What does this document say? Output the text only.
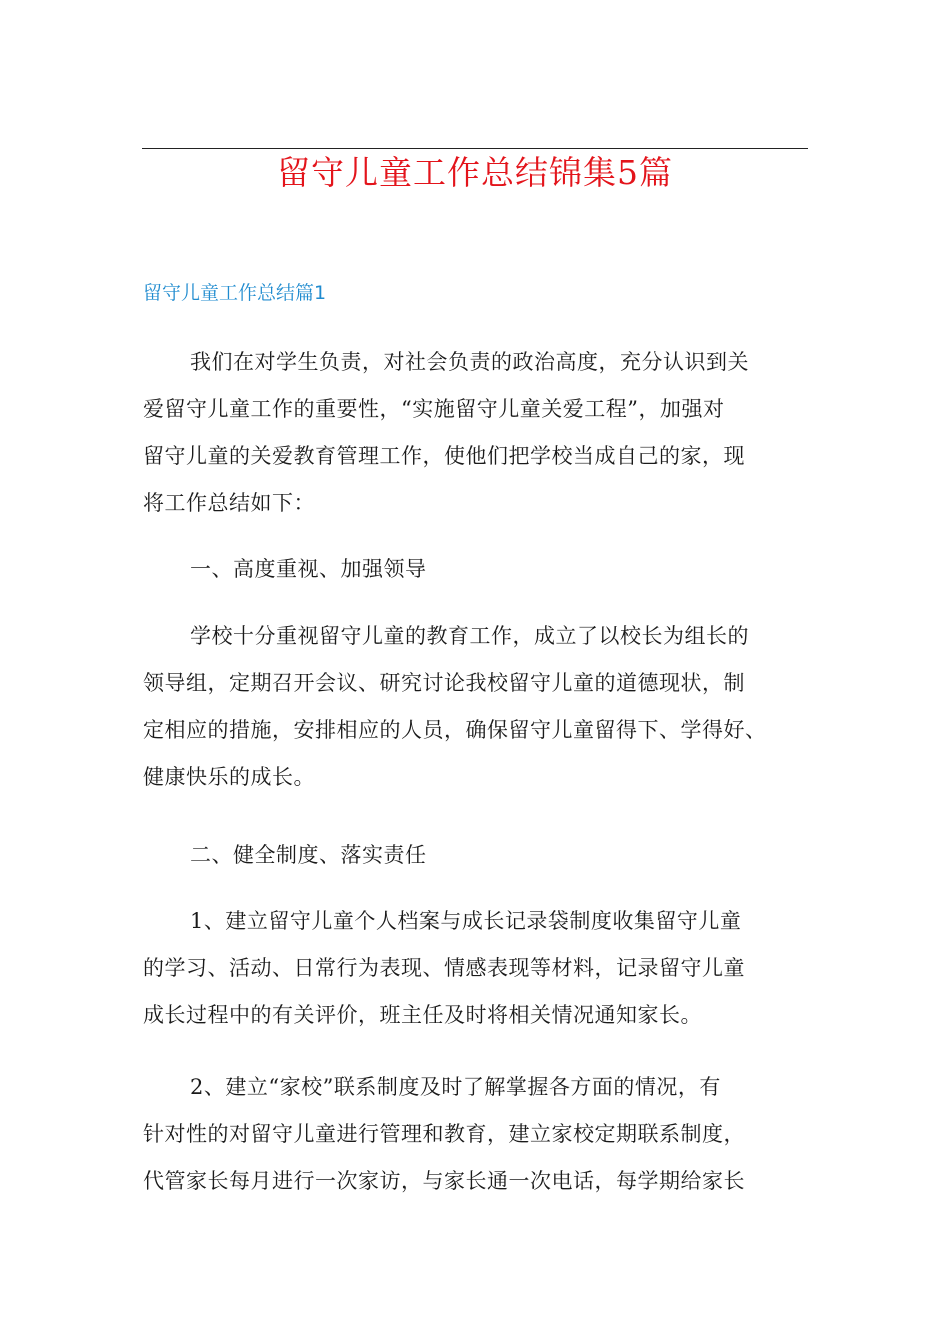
留守儿童工作总结锦集5篇
留守儿童工作总结篇1

我们在对学生负责，对社会负责的政治高度，充分认识到关
爱留守儿童工作的重要性，“实施留守儿童关爱工程”，加强对
留守儿童的关爱教育管理工作，使他们把学校当成自己的家，现
将工作总结如下：

一、高度重视、加强领导

学校十分重视留守儿童的教育工作，成立了以校长为组长的
领导组，定期召开会议、研究讨论我校留守儿童的道德现状，制
定相应的措施，安排相应的人员，确保留守儿童留得下、学得好、
健康快乐的成长。

二、健全制度、落实责任

1、建立留守儿童个人档案与成长记录袋制度收集留守儿童
的学习、活动、日常行为表现、情感表现等材料，记录留守儿童
成长过程中的有关评价，班主任及时将相关情况通知家长。

2、建立“家校”联系制度及时了解掌握各方面的情况，有
针对性的对留守儿童进行管理和教育，建立家校定期联系制度，
代管家长每月进行一次家访，与家长通一次电话，每学期给家长
